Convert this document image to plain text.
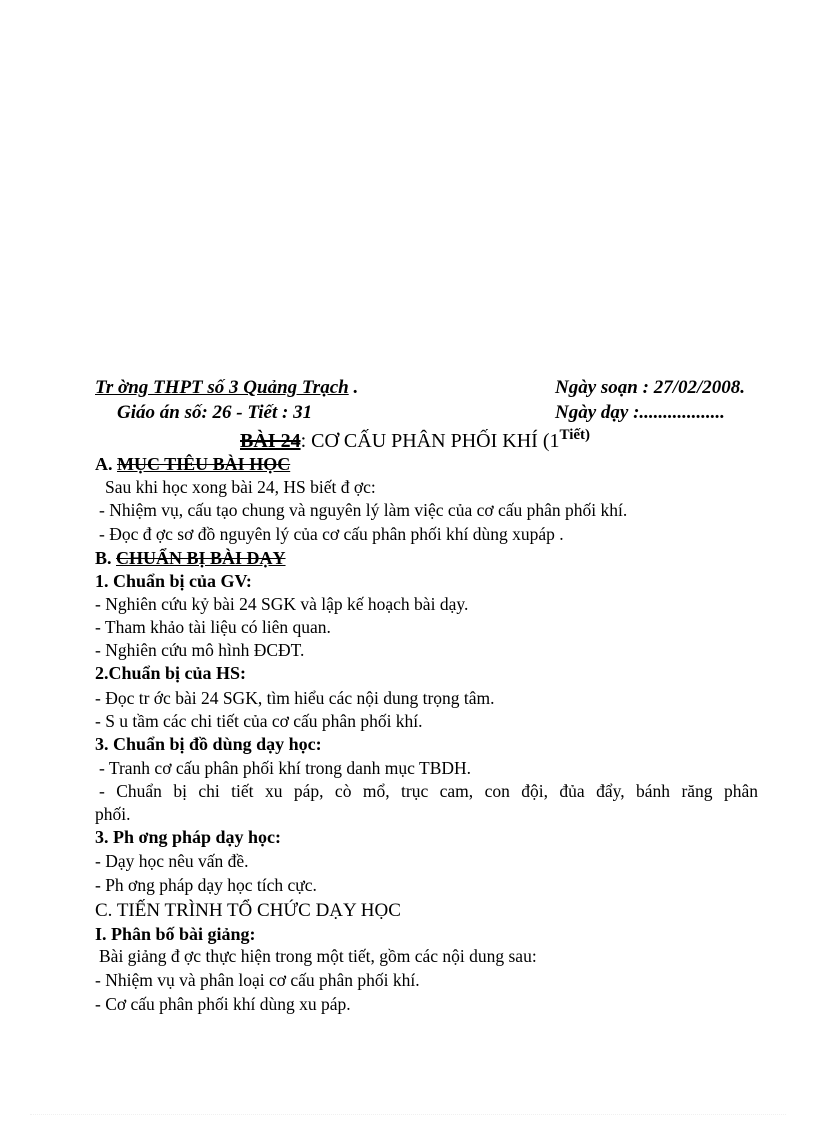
Tr ờng THPT số 3 Quảng Trạch .	Ngày soạn : 27/02/2008.
Giáo án số: 26 - Tiết : 31	Ngày dạy :..................
BÀI 24: CƠ CẤU PHÂN PHỐI KHÍ ($1^{Tiết)}$
A. MỤC TIÊU BÀI HỌC
Sau khi học xong bài 24, HS biết đ ợc:
- Nhiệm vụ, cấu tạo chung và nguyên lý làm việc của cơ cấu phân phối khí.
- Đọc đ ợc sơ đồ nguyên lý của cơ cấu phân phối khí dùng xupáp .
B. CHUẨN BỊ BÀI DẠY
1. Chuẩn bị của GV:
- Nghiên cứu kỷ bài 24 SGK và lập kế hoạch bài dạy.
- Tham khảo tài liệu có liên quan.
- Nghiên cứu mô hình ĐCĐT.
2.Chuẩn bị của HS:
- Đọc tr ớc bài 24 SGK, tìm hiểu các nội dung trọng tâm.
- S u tầm các chi tiết của cơ cấu phân phối khí.
3. Chuẩn bị đồ dùng dạy học:
- Tranh cơ cấu phân phối khí trong danh mục TBDH.
- Chuẩn bị chi tiết xu páp, cò mổ, trục cam, con đội, đủa đẩy, bánh răng phân
phối.
3. Ph ơng pháp dạy học:
- Dạy học nêu vấn đề.
- Ph ơng pháp dạy học tích cực.
C. TIẾN TRÌNH TỔ CHỨC DẠY HỌC
I. Phân bố bài giảng:
Bài giảng đ ợc thực hiện trong một tiết, gồm các nội dung sau:
- Nhiệm vụ và phân loại cơ cấu phân phối khí.
- Cơ cấu phân phối khí dùng xu páp.
